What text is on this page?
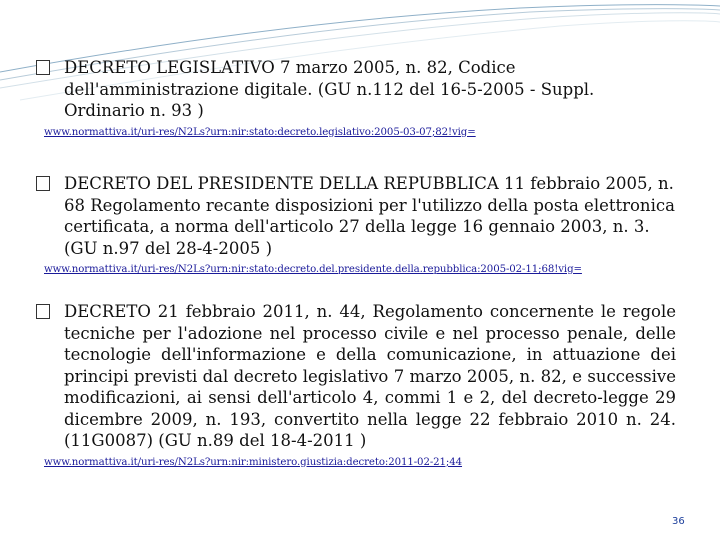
DECRETO LEGISLATIVO 7 marzo 2005, n. 82, Codice dell'amministrazione digitale. (GU n.112 del 16-5-2005 - Suppl. Ordinario n. 93 )

www.normattiva.it/uri-res/N2Ls?urn:nir:stato:decreto.legislativo:2005-03-07;82!vig=

DECRETO DEL PRESIDENTE DELLA REPUBBLICA 11 febbraio 2005, n. 68 Regolamento recante disposizioni per l'utilizzo della posta elettronica certificata, a norma dell'articolo 27 della legge 16 gennaio 2003, n. 3. (GU n.97 del 28-4-2005 )

www.normattiva.it/uri-res/N2Ls?urn:nir:stato:decreto.del.presidente.della.repubblica:2005-02-11;68!vig=

DECRETO 21 febbraio 2011, n. 44, Regolamento concernente le regole tecniche per l'adozione nel processo civile e nel processo penale, delle tecnologie dell'informazione e della comunicazione, in attuazione dei principi previsti dal decreto legislativo 7 marzo 2005, n. 82, e successive modificazioni, ai sensi dell'articolo 4, commi 1 e 2, del decreto-legge 29 dicembre 2009, n. 193, convertito nella legge 22 febbraio 2010 n. 24. (11G0087) (GU n.89 del 18-4-2011 )

www.normattiva.it/uri-res/N2Ls?urn:nir:ministero.giustizia:decreto:2011-02-21;44
36
